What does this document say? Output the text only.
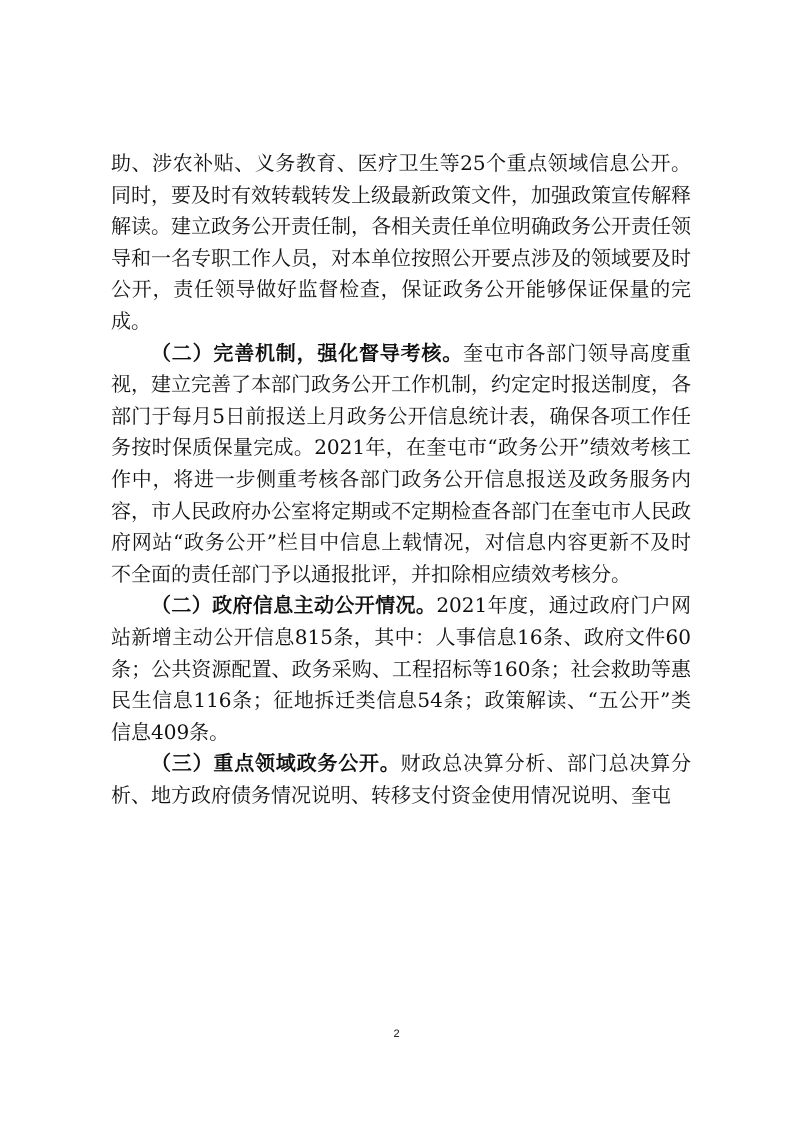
助、涉农补贴、义务教育、医疗卫生等25个重点领域信息公开。同时，要及时有效转载转发上级最新政策文件，加强政策宣传解释解读。建立政务公开责任制，各相关责任单位明确政务公开责任领导和一名专职工作人员，对本单位按照公开要点涉及的领域要及时公开，责任领导做好监督检查，保证政务公开能够保证保量的完成。

（二）完善机制，强化督导考核。奎屯市各部门领导高度重视，建立完善了本部门政务公开工作机制，约定定时报送制度，各部门于每月5日前报送上月政务公开信息统计表，确保各项工作任务按时保质保量完成。2021年，在奎屯市“政务公开”绩效考核工作中，将进一步侧重考核各部门政务公开信息报送及政务服务内容，市人民政府办公室将定期或不定期检查各部门在奎屯市人民政府网站“政务公开”栏目中信息上载情况，对信息内容更新不及时不全面的责任部门予以通报批评，并扣除相应绩效考核分。

（二）政府信息主动公开情况。2021年度，通过政府门户网站新增主动公开信息815条，其中：人事信息16条、政府文件60条；公共资源配置、政务采购、工程招标等160条；社会救助等惠民生信息116条；征地拆迁类信息54条；政策解读、“五公开”类信息409条。

（三）重点领域政务公开。财政总决算分析、部门总决算分析、地方政府债务情况说明、转移支付资金使用情况说明、奎屯

2
